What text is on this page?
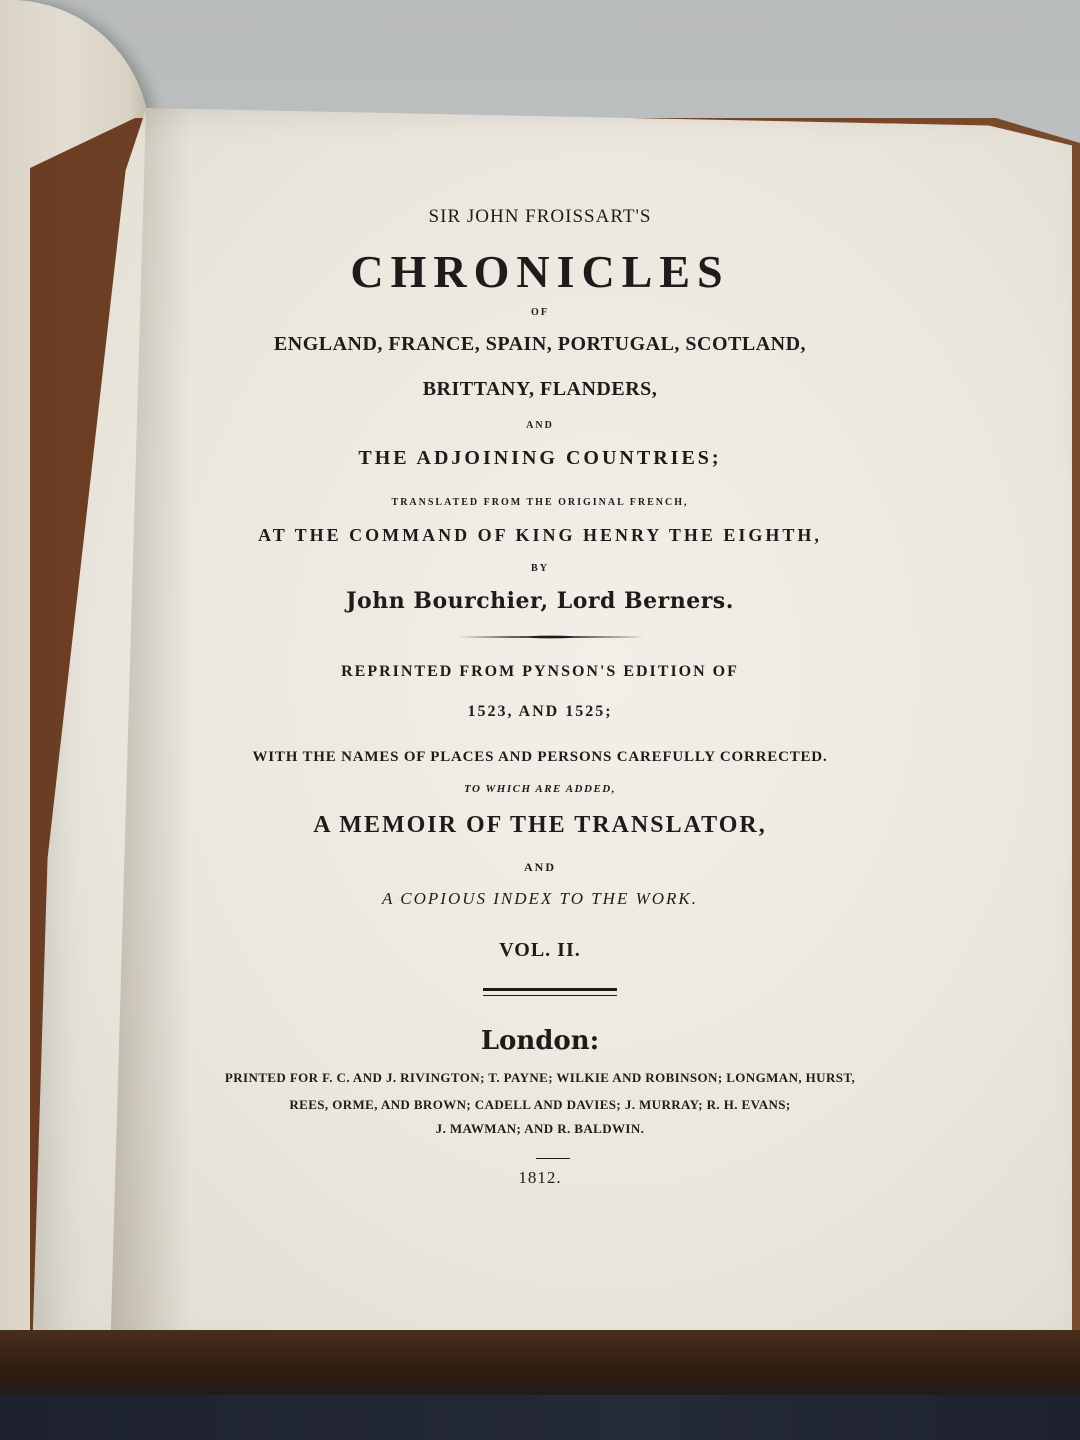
SIR JOHN FROISSART'S
CHRONICLES
OF
ENGLAND, FRANCE, SPAIN, PORTUGAL, SCOTLAND,
BRITTANY, FLANDERS,
AND
THE ADJOINING COUNTRIES;
TRANSLATED FROM THE ORIGINAL FRENCH,
AT THE COMMAND OF KING HENRY THE EIGHTH,
BY
John Bourchier, Lord Berners.
REPRINTED FROM PYNSON'S EDITION OF
1523, AND 1525;
WITH THE NAMES OF PLACES AND PERSONS CAREFULLY CORRECTED.
TO WHICH ARE ADDED,
A MEMOIR OF THE TRANSLATOR,
AND
A COPIOUS INDEX TO THE WORK.
VOL. II.
London:
PRINTED FOR F. C. AND J. RIVINGTON; T. PAYNE; WILKIE AND ROBINSON; LONGMAN, HURST,
REES, ORME, AND BROWN; CADELL AND DAVIES; J. MURRAY; R. H. EVANS;
J. MAWMAN; AND R. BALDWIN.
1812.
